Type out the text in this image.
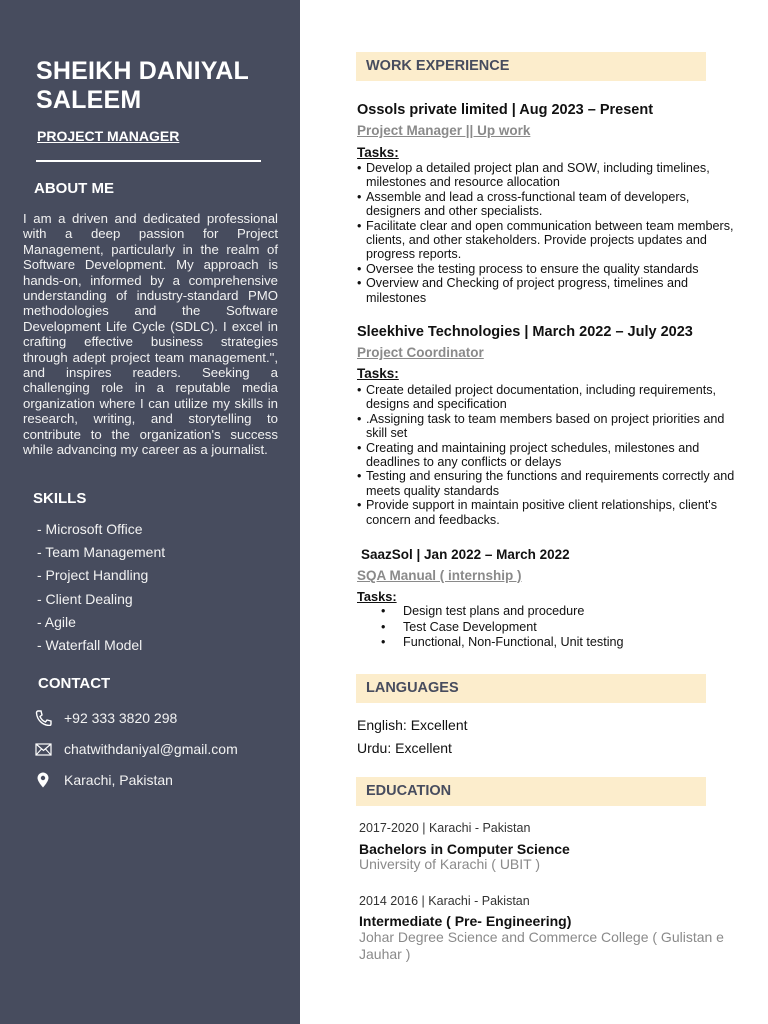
SHEIKH DANIYAL SALEEM
PROJECT MANAGER
ABOUT ME
I am a driven and dedicated professional with a deep passion for Project Management, particularly in the realm of Software Development. My approach is hands-on, informed by a comprehensive understanding of industry-standard PMO methodologies and the Software Development Life Cycle (SDLC). I excel in crafting effective business strategies through adept project team management.", and inspires readers. Seeking a challenging role in a reputable media organization where I can utilize my skills in research, writing, and storytelling to contribute to the organization's success while advancing my career as a journalist.
SKILLS
- Microsoft Office
- Team Management
- Project Handling
- Client Dealing
- Agile
- Waterfall Model
CONTACT
+92 333 3820 298
chatwithdaniyal@gmail.com
Karachi, Pakistan
WORK EXPERIENCE
Ossols private limited | Aug 2023 – Present
Project Manager || Up work
Tasks:
• Develop a detailed project plan and SOW, including timelines, milestones and resource allocation
• Assemble and lead a cross-functional team of developers, designers and other specialists.
• Facilitate clear and open communication between team members, clients, and other stakeholders. Provide projects updates and progress reports.
• Oversee the testing process to ensure the quality standards
• Overview and Checking of project progress, timelines and milestones
Sleekhive Technologies | March 2022 – July 2023
Project Coordinator
Tasks:
• Create detailed project documentation, including requirements, designs and specification
• .Assigning task to team members based on project priorities and skill set
• Creating and maintaining project schedules, milestones and deadlines to any conflicts or delays
• Testing and ensuring the functions and requirements correctly and meets quality standards
• Provide support in maintain positive client relationships, client's concern and feedbacks.
SaazSol | Jan 2022 – March 2022
SQA Manual ( internship )
Tasks:
• Design test plans and procedure
• Test Case Development
• Functional, Non-Functional, Unit testing
LANGUAGES
English: Excellent
Urdu: Excellent
EDUCATION
2017-2020 | Karachi - Pakistan
Bachelors in Computer Science
University of Karachi ( UBIT )
2014 2016 | Karachi - Pakistan
Intermediate ( Pre- Engineering)
Johar Degree Science and Commerce College ( Gulistan e Jauhar )
